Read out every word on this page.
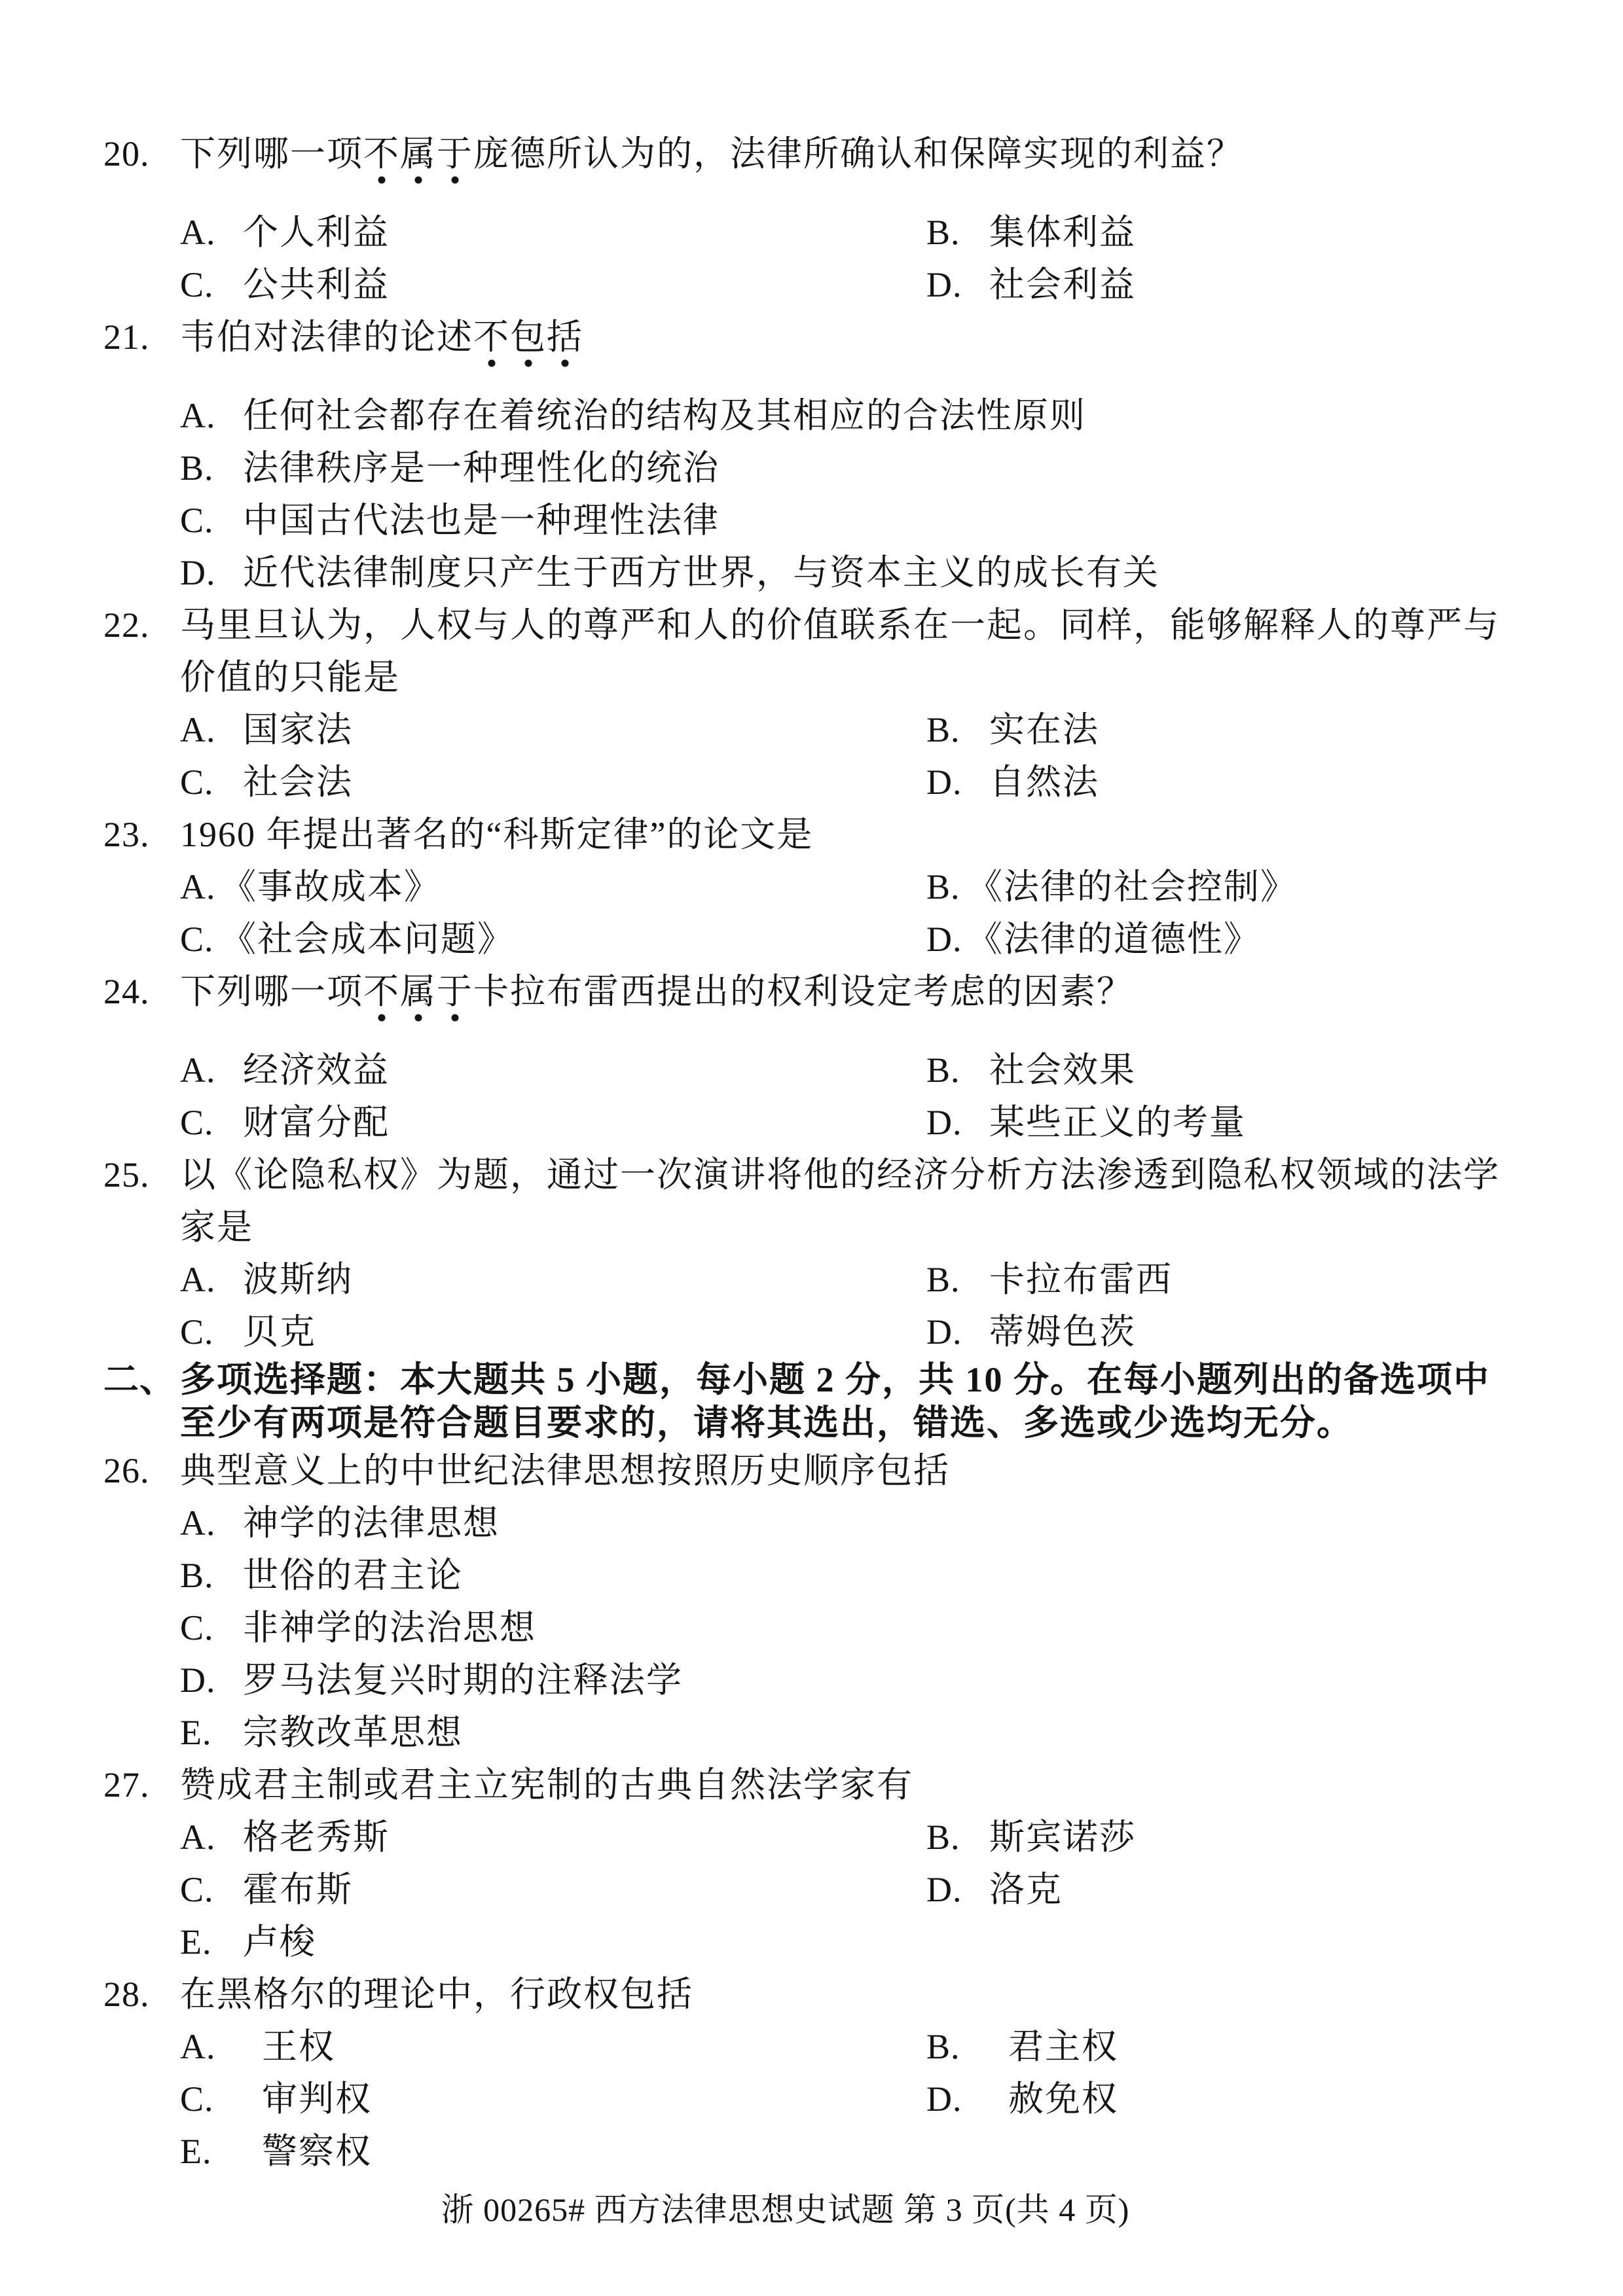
20. 下列哪一项不属于庞德所认为的，法律所确认和保障实现的利益？
A. 个人利益	B. 集体利益
C. 公共利益	D. 社会利益
21. 韦伯对法律的论述不包括
A. 任何社会都存在着统治的结构及其相应的合法性原则
B. 法律秩序是一种理性化的统治
C. 中国古代法也是一种理性法律
D. 近代法律制度只产生于西方世界，与资本主义的成长有关
22. 马里旦认为，人权与人的尊严和人的价值联系在一起。同样，能够解释人的尊严与
价值的只能是
A. 国家法	B. 实在法
C. 社会法	D. 自然法
23. 1960 年提出著名的“科斯定律”的论文是
A. 《事故成本》	B. 《法律的社会控制》
C. 《社会成本问题》	D. 《法律的道德性》
24. 下列哪一项不属于卡拉布雷西提出的权利设定考虑的因素？
A. 经济效益	B. 社会效果
C. 财富分配	D. 某些正义的考量
25. 以《论隐私权》为题，通过一次演讲将他的经济分析方法渗透到隐私权领域的法学
家是
A. 波斯纳	B. 卡拉布雷西
C. 贝克	D. 蒂姆色茨
二、 多项选择题：本大题共 5 小题，每小题 2 分，共 10 分。在每小题列出的备选项中
至少有两项是符合题目要求的，请将其选出，错选、多选或少选均无分。
26. 典型意义上的中世纪法律思想按照历史顺序包括
A. 神学的法律思想
B. 世俗的君主论
C. 非神学的法治思想
D. 罗马法复兴时期的注释法学
E. 宗教改革思想
27. 赞成君主制或君主立宪制的古典自然法学家有
A. 格老秀斯	B. 斯宾诺莎
C. 霍布斯	D. 洛克
E. 卢梭
28. 在黑格尔的理论中，行政权包括
A. 王权	B. 君主权
C. 审判权	D. 赦免权
E. 警察权
浙 00265# 西方法律思想史试题 第 3 页(共 4 页)
